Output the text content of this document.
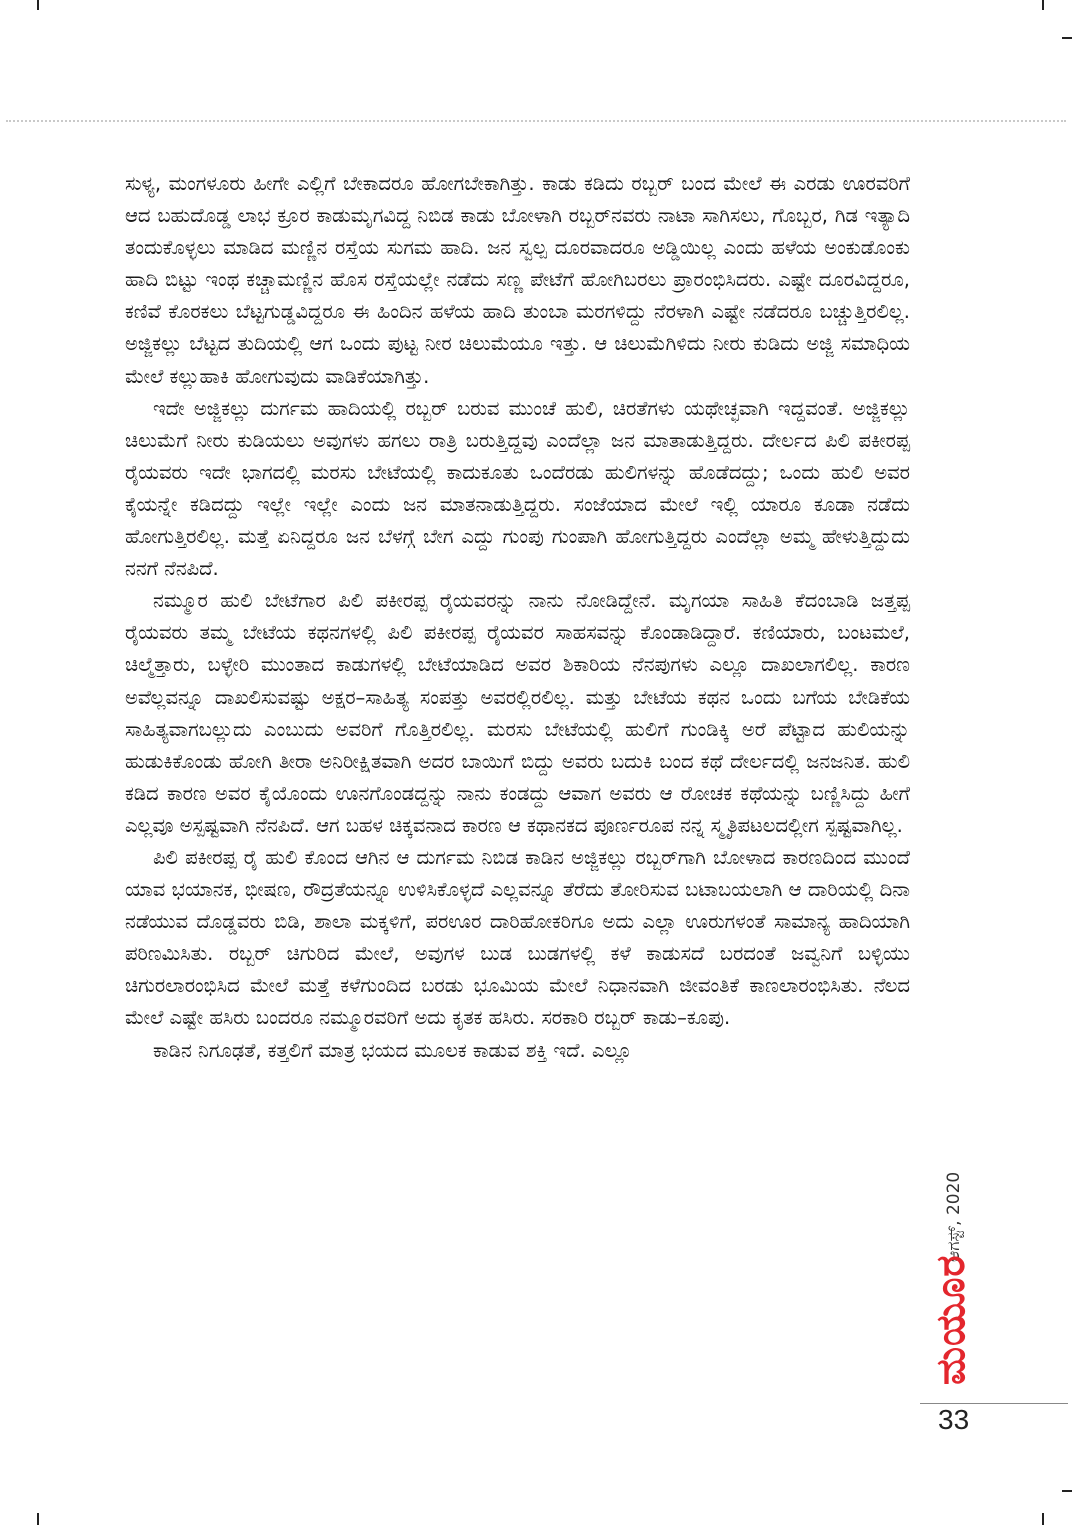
ಸುಳ್ಯ, ಮಂಗಳೂರು ಹೀಗೇ ಎಲ್ಲಿಗೆ ಬೇಕಾದರೂ ಹೋಗಬೇಕಾಗಿತ್ತು. ಕಾಡು ಕಡಿದು ರಬ್ಬರ್ ಬಂದ ಮೇಲೆ ಈ ಎರಡು ಊರವರಿಗೆ ಆದ ಬಹುದೊಡ್ಡ ಲಾಭ ಕ್ರೂರ ಕಾಡುಮೃಗವಿದ್ದ ನಿಬಿಡ ಕಾಡು ಬೋಳಾಗಿ ರಬ್ಬರ್‌ನವರು ನಾಟಾ ಸಾಗಿಸಲು, ಗೊಬ್ಬರ, ಗಿಡ ಇತ್ಯಾದಿ ತಂದುಕೊಳ್ಳಲು ಮಾಡಿದ ಮಣ್ಣಿನ ರಸ್ತೆಯ ಸುಗಮ ಹಾದಿ. ಜನ ಸ್ವಲ್ಪ ದೂರವಾದರೂ ಅಡ್ಡಿಯಿಲ್ಲ ಎಂದು ಹಳೆಯ ಅಂಕುಡೊಂಕು ಹಾದಿ ಬಿಟ್ಟು ಇಂಥ ಕಚ್ಚಾಮಣ್ಣಿನ ಹೊಸ ರಸ್ತೆಯಲ್ಲೇ ನಡೆದು ಸಣ್ಣ ಪೇಟೆಗೆ ಹೋಗಿಬರಲು ಪ್ರಾರಂಭಿಸಿದರು. ಎಷ್ಟೇ ದೂರವಿದ್ದರೂ, ಕಣಿವೆ ಕೊರಕಲು ಬೆಟ್ಟಗುಡ್ಡವಿದ್ದರೂ ಈ ಹಿಂದಿನ ಹಳೆಯ ಹಾದಿ ತುಂಬಾ ಮರಗಳಿದ್ದು ನೆರಳಾಗಿ ಎಷ್ಟೇ ನಡೆದರೂ ಬಚ್ಚುತ್ತಿರಲಿಲ್ಲ. ಅಜ್ಜಿಕಲ್ಲು ಬೆಟ್ಟದ ತುದಿಯಲ್ಲಿ ಆಗ ಒಂದು ಪುಟ್ಟ ನೀರ ಚಿಲುಮೆಯೂ ಇತ್ತು. ಆ ಚಿಲುಮೆಗಿಳಿದು ನೀರು ಕುಡಿದು ಅಜ್ಜಿ ಸಮಾಧಿಯ ಮೇಲೆ ಕಲ್ಲುಹಾಕಿ ಹೋಗುವುದು ವಾಡಿಕೆಯಾಗಿತ್ತು.

ಇದೇ ಅಜ್ಜಿಕಲ್ಲು ದುರ್ಗಮ ಹಾದಿಯಲ್ಲಿ ರಬ್ಬರ್ ಬರುವ ಮುಂಚೆ ಹುಲಿ, ಚಿರತೆಗಳು ಯಥೇಚ್ಛವಾಗಿ ಇದ್ದವಂತೆ. ಅಜ್ಜಿಕಲ್ಲು ಚಿಲುಮೆಗೆ ನೀರು ಕುಡಿಯಲು ಅವುಗಳು ಹಗಲು ರಾತ್ರಿ ಬರುತ್ತಿದ್ದವು ಎಂದೆಲ್ಲಾ ಜನ ಮಾತಾಡುತ್ತಿದ್ದರು. ದೇರ್ಲದ ಪಿಲಿ ಪಕೀರಪ್ಪ ರೈಯವರು ಇದೇ ಭಾಗದಲ್ಲಿ ಮರಸು ಬೇಟೆಯಲ್ಲಿ ಕಾದುಕೂತು ಒಂದೆರಡು ಹುಲಿಗಳನ್ನು ಹೊಡೆದದ್ದು; ಒಂದು ಹುಲಿ ಅವರ ಕೈಯನ್ನೇ ಕಡಿದದ್ದು ಇಲ್ಲೇ ಇಲ್ಲೇ ಎಂದು ಜನ ಮಾತನಾಡುತ್ತಿದ್ದರು. ಸಂಜೆಯಾದ ಮೇಲೆ ಇಲ್ಲಿ ಯಾರೂ ಕೂಡಾ ನಡೆದು ಹೋಗುತ್ತಿರಲಿಲ್ಲ. ಮತ್ತೆ ಏನಿದ್ದರೂ ಜನ ಬೆಳಗ್ಗೆ ಬೇಗ ಎದ್ದು ಗುಂಪು ಗುಂಪಾಗಿ ಹೋಗುತ್ತಿದ್ದರು ಎಂದೆಲ್ಲಾ ಅಮ್ಮ ಹೇಳುತ್ತಿದ್ದುದು ನನಗೆ ನೆನಪಿದೆ.

ನಮ್ಮೂರ ಹುಲಿ ಬೇಟೆಗಾರ ಪಿಲಿ ಪಕೀರಪ್ಪ ರೈಯವರನ್ನು ನಾನು ನೋಡಿದ್ದೇನೆ. ಮೃಗಯಾ ಸಾಹಿತಿ ಕೆದಂಬಾಡಿ ಜತ್ತಪ್ಪ ರೈಯವರು ತಮ್ಮ ಬೇಟೆಯ ಕಥನಗಳಲ್ಲಿ ಪಿಲಿ ಪಕೀರಪ್ಪ ರೈಯವರ ಸಾಹಸವನ್ನು ಕೊಂಡಾಡಿದ್ದಾರೆ. ಕಣಿಯಾರು, ಬಂಟಮಲೆ, ಚಿಲ್ಮೆತ್ತಾರು, ಬಳ್ಳೇರಿ ಮುಂತಾದ ಕಾಡುಗಳಲ್ಲಿ ಬೇಟೆಯಾಡಿದ ಅವರ ಶಿಕಾರಿಯ ನೆನಪುಗಳು ಎಲ್ಲೂ ದಾಖಲಾಗಲಿಲ್ಲ. ಕಾರಣ ಅವೆಲ್ಲವನ್ನೂ ದಾಖಲಿಸುವಷ್ಟು ಅಕ್ಷರ–ಸಾಹಿತ್ಯ ಸಂಪತ್ತು ಅವರಲ್ಲಿರಲಿಲ್ಲ. ಮತ್ತು ಬೇಟೆಯ ಕಥನ ಒಂದು ಬಗೆಯ ಬೇಡಿಕೆಯ ಸಾಹಿತ್ಯವಾಗಬಲ್ಲುದು ಎಂಬುದು ಅವರಿಗೆ ಗೊತ್ತಿರಲಿಲ್ಲ. ಮರಸು ಬೇಟೆಯಲ್ಲಿ ಹುಲಿಗೆ ಗುಂಡಿಕ್ಕಿ ಅರೆ ಪೆಟ್ಟಾದ ಹುಲಿಯನ್ನು ಹುಡುಕಿಕೊಂಡು ಹೋಗಿ ತೀರಾ ಅನಿರೀಕ್ಷಿತವಾಗಿ ಅದರ ಬಾಯಿಗೆ ಬಿದ್ದು ಅವರು ಬದುಕಿ ಬಂದ ಕಥೆ ದೇರ್ಲದಲ್ಲಿ ಜನಜನಿತ. ಹುಲಿ ಕಡಿದ ಕಾರಣ ಅವರ ಕೈಯೊಂದು ಊನಗೊಂಡದ್ದನ್ನು ನಾನು ಕಂಡದ್ದು ಆವಾಗ ಅವರು ಆ ರೋಚಕ ಕಥೆಯನ್ನು ಬಣ್ಣಿಸಿದ್ದು ಹೀಗೆ ಎಲ್ಲವೂ ಅಸ್ಪಷ್ಟವಾಗಿ ನೆನಪಿದೆ. ಆಗ ಬಹಳ ಚಿಕ್ಕವನಾದ ಕಾರಣ ಆ ಕಥಾನಕದ ಪೂರ್ಣರೂಪ ನನ್ನ ಸ್ಮೃತಿಪಟಲದಲ್ಲೀಗ ಸ್ಪಷ್ಟವಾಗಿಲ್ಲ.

ಪಿಲಿ ಪಕೀರಪ್ಪ ರೈ ಹುಲಿ ಕೊಂದ ಆಗಿನ ಆ ದುರ್ಗಮ ನಿಬಿಡ ಕಾಡಿನ ಅಜ್ಜಿಕಲ್ಲು ರಬ್ಬರ್‌ಗಾಗಿ ಬೋಳಾದ ಕಾರಣದಿಂದ ಮುಂದೆ ಯಾವ ಭಯಾನಕ, ಭೀಷಣ, ರೌದ್ರತೆಯನ್ನೂ ಉಳಿಸಿಕೊಳ್ಳದೆ ಎಲ್ಲವನ್ನೂ ತೆರೆದು ತೋರಿಸುವ ಬಟಾಬಯಲಾಗಿ ಆ ದಾರಿಯಲ್ಲಿ ದಿನಾ ನಡೆಯುವ ದೊಡ್ಡವರು ಬಿಡಿ, ಶಾಲಾ ಮಕ್ಕಳಿಗೆ, ಪರಊರ ದಾರಿಹೋಕರಿಗೂ ಅದು ಎಲ್ಲಾ ಊರುಗಳಂತೆ ಸಾಮಾನ್ಯ ಹಾದಿಯಾಗಿ ಪರಿಣಮಿಸಿತು. ರಬ್ಬರ್ ಚಿಗುರಿದ ಮೇಲೆ, ಅವುಗಳ ಬುಡ ಬುಡಗಳಲ್ಲಿ ಕಳೆ ಕಾಡುಸದೆ ಬರದಂತೆ ಜವ್ವನಿಗೆ ಬಳ್ಳಿಯು ಚಿಗುರಲಾರಂಭಿಸಿದ ಮೇಲೆ ಮತ್ತೆ ಕಳೆಗುಂದಿದ ಬರಡು ಭೂಮಿಯ ಮೇಲೆ ನಿಧಾನವಾಗಿ ಜೀವಂತಿಕೆ ಕಾಣಲಾರಂಭಿಸಿತು. ನೆಲದ ಮೇಲೆ ಎಷ್ಟೇ ಹಸಿರು ಬಂದರೂ ನಮ್ಮೂರವರಿಗೆ ಅದು ಕೃತಕ ಹಸಿರು. ಸರಕಾರಿ ರಬ್ಬರ್ ಕಾಡು–ಕೂಪು.

ಕಾಡಿನ ನಿಗೂಢತೆ, ಕತ್ತಲಿಗೆ ಮಾತ್ರ ಭಯದ ಮೂಲಕ ಕಾಡುವ ಶಕ್ತಿ ಇದೆ. ಎಲ್ಲೂ

ಆಗಸ್ಟ್, 2020
ಮಯೂರ
33
